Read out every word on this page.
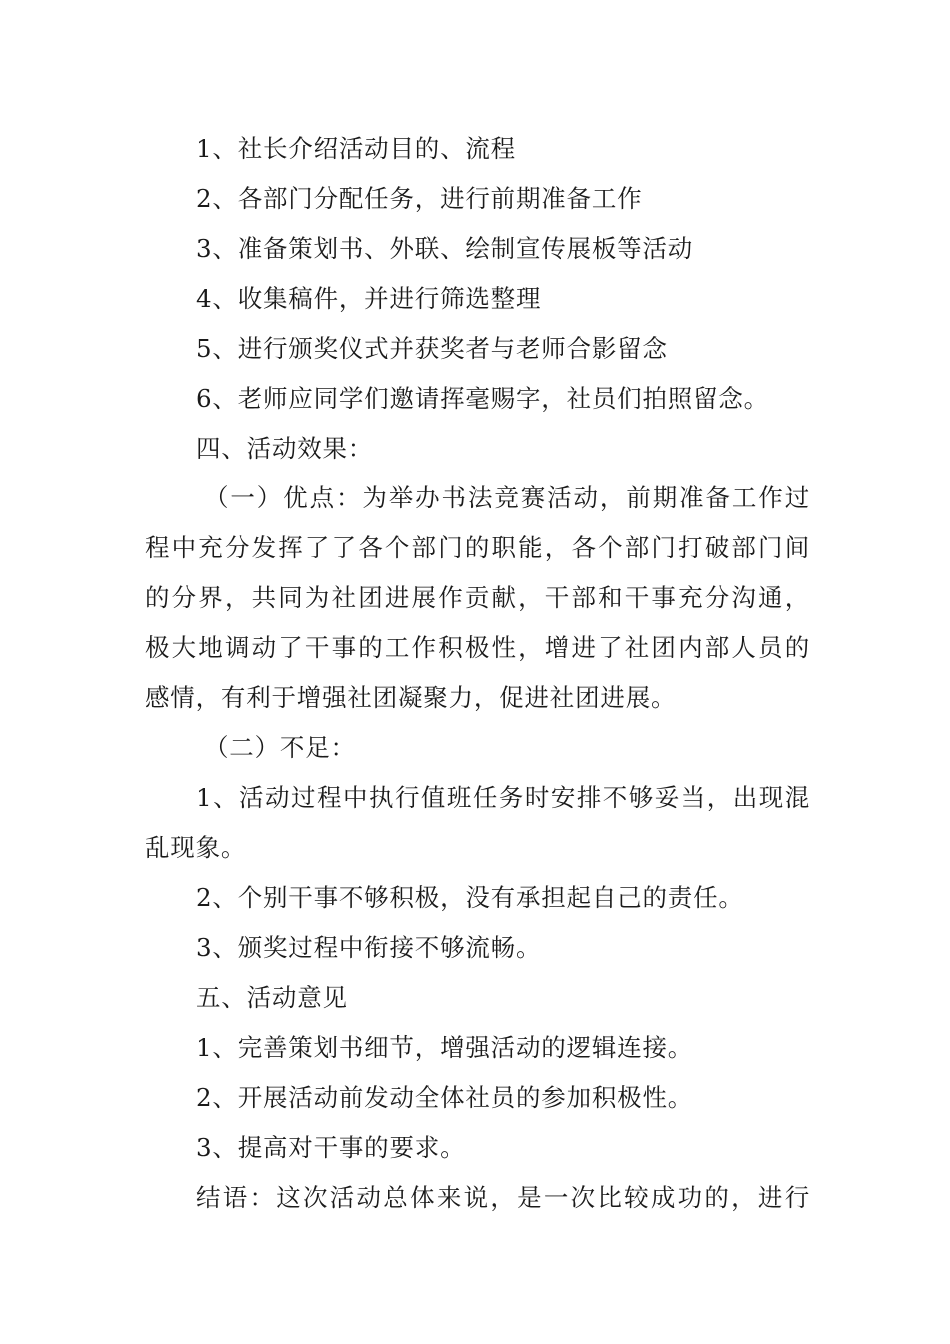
1、社长介绍活动目的、流程
2、各部门分配任务，进行前期准备工作
3、准备策划书、外联、绘制宣传展板等活动
4、收集稿件，并进行筛选整理
5、进行颁奖仪式并获奖者与老师合影留念
6、老师应同学们邀请挥毫赐字，社员们拍照留念。
四、活动效果：
（一）优点：为举办书法竞赛活动，前期准备工作过
程中充分发挥了了各个部门的职能，各个部门打破部门间
的分界，共同为社团进展作贡献，干部和干事充分沟通，
极大地调动了干事的工作积极性，增进了社团内部人员的
感情，有利于增强社团凝聚力，促进社团进展。
（二）不足：
1、活动过程中执行值班任务时安排不够妥当，出现混
乱现象。
2、个别干事不够积极，没有承担起自己的责任。
3、颁奖过程中衔接不够流畅。
五、活动意见
1、完善策划书细节，增强活动的逻辑连接。
2、开展活动前发动全体社员的参加积极性。
3、提高对干事的要求。
结语：这次活动总体来说，是一次比较成功的，进行
